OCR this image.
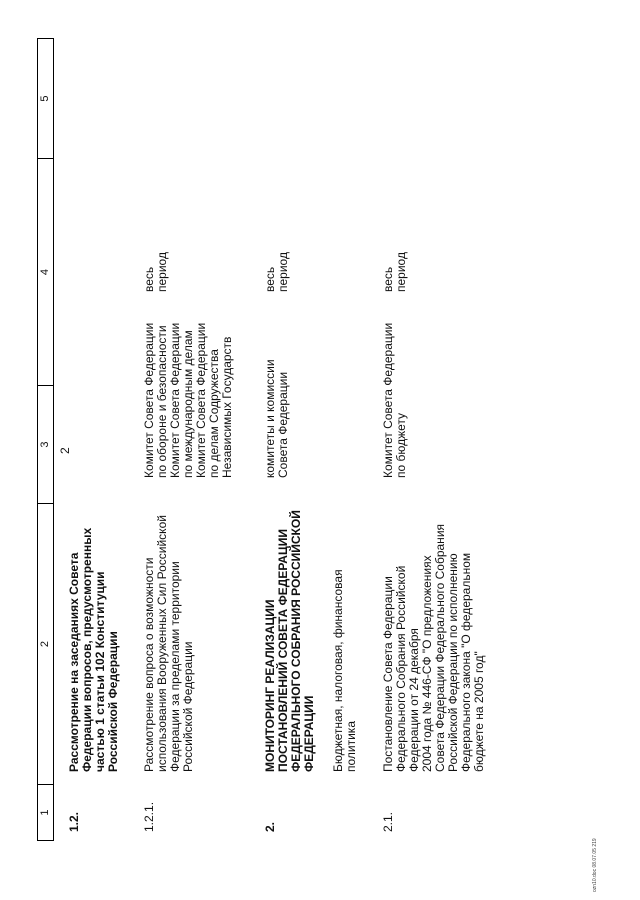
2
1
2
3
4
5
1.2.
Рассмотрение на заседаниях Совета
Федерации вопросов, предусмотренных
частью 1 статьи 102 Конституции
Российской Федерации
1.2.1.
Рассмотрение вопроса о возможности
использования Вооруженных Сил Российской
Федерации за пределами территории
Российской Федерации
Комитет Совета Федерации
по обороне и безопасности
Комитет Совета Федерации
по международным делам
Комитет Совета Федерации
по делам Содружества
Независимых Государств
весь
период
2.
МОНИТОРИНГ РЕАЛИЗАЦИИ
ПОСТАНОВЛЕНИЙ СОВЕТА ФЕДЕРАЦИИ
ФЕДЕРАЛЬНОГО СОБРАНИЯ РОССИЙСКОЙ
ФЕДЕРАЦИИ
комитеты и комиссии
Совета Федерации
весь
период
Бюджетная, налоговая, финансовая
политика
2.1.
Постановление Совета Федерации
Федерального Собрания Российской
Федерации от 24 декабря
2004 года № 446-СФ "О предложениях
Совета Федерации Федерального Собрания
Российской Федерации по исполнению
Федерального закона "О федеральном
бюджете на 2005 год"
Комитет Совета Федерации
по бюджету
весь
период
ozn10.doc 08.07.05 219
